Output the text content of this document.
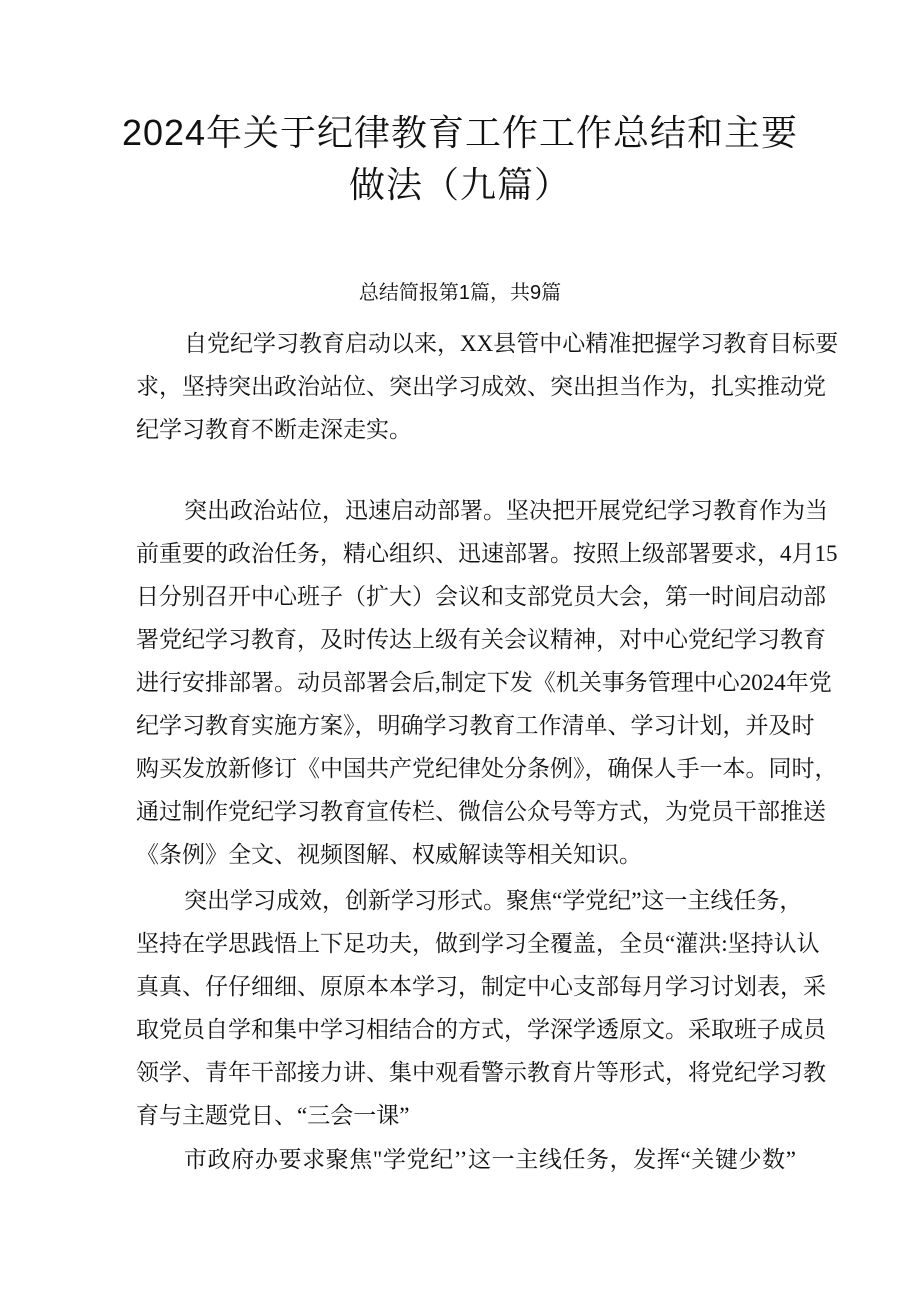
2024年关于纪律教育工作工作总结和主要
做法（九篇）
总结简报第1篇，共9篇
自党纪学习教育启动以来，XX县管中心精准把握学习教育目标要
求，坚持突出政治站位、突出学习成效、突出担当作为，扎实推动党
纪学习教育不断走深走实。
突出政治站位，迅速启动部署。坚决把开展党纪学习教育作为当
前重要的政治任务，精心组织、迅速部署。按照上级部署要求，4月15
日分别召开中心班子（扩大）会议和支部党员大会，第一时间启动部
署党纪学习教育，及时传达上级有关会议精神，对中心党纪学习教育
进行安排部署。动员部署会后,制定下发《机关事务管理中心2024年党
纪学习教育实施方案》，明确学习教育工作清单、学习计划，并及时
购买发放新修订《中国共产党纪律处分条例》，确保人手一本。同时，
通过制作党纪学习教育宣传栏、微信公众号等方式，为党员干部推送
《条例》全文、视频图解、权威解读等相关知识。
突出学习成效，创新学习形式。聚焦“学党纪”这一主线任务，
坚持在学思践悟上下足功夫，做到学习全覆盖，全员“灌洪:坚持认认
真真、仔仔细细、原原本本学习，制定中心支部每月学习讨划表，采
取党员自学和集中学习相结合的方式，学深学透原文。采取班子成员
领学、青年干部接力讲、集中观看警示教育片等形式，将党纪学习教
育与主题党日、“三会一课”
市政府办要求聚焦"学党纪’’这一主线任务，发挥“关键少数”
